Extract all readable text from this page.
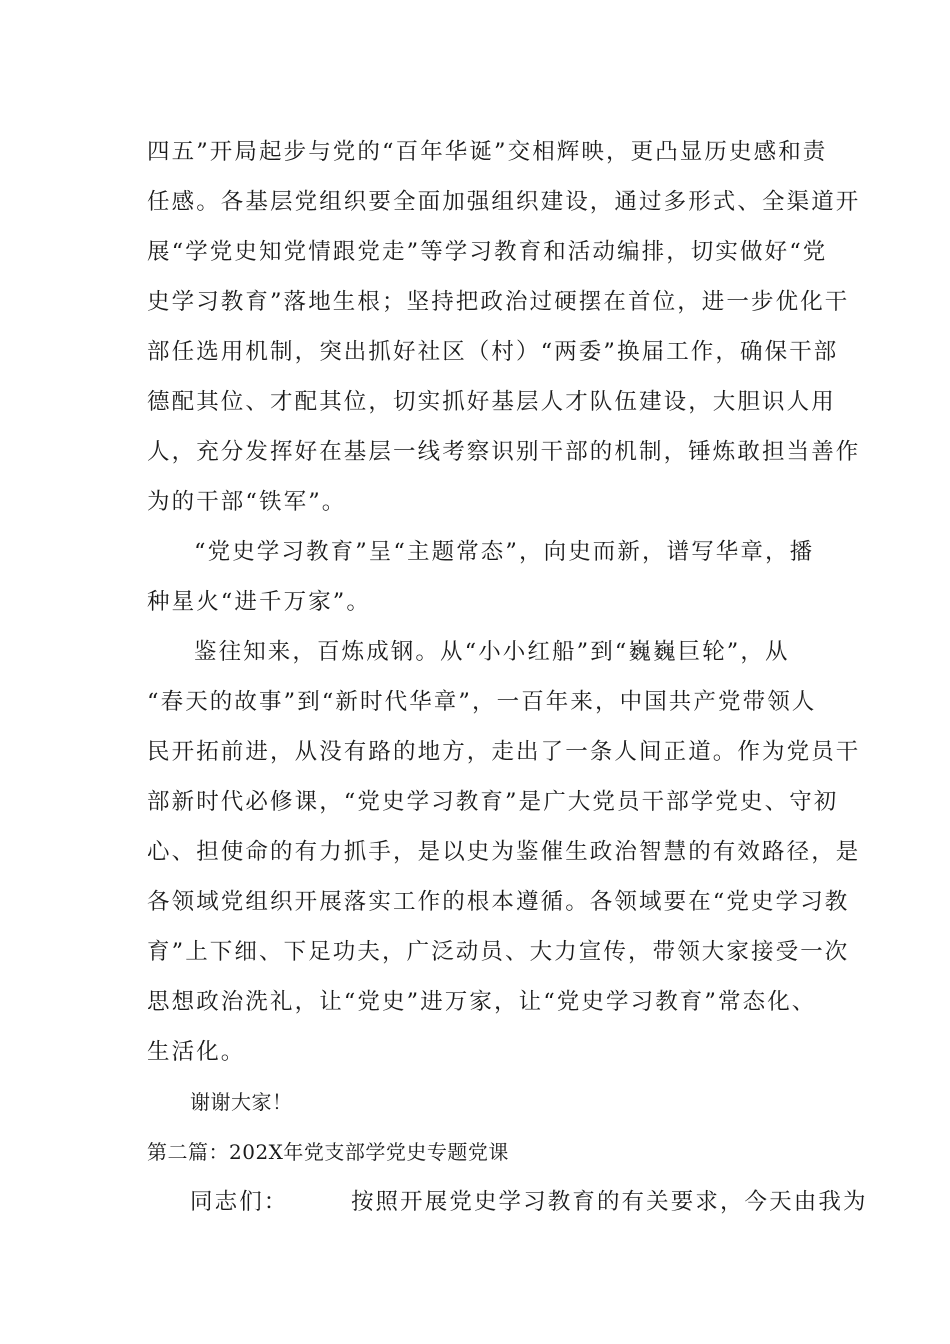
四五”开局起步与党的“百年华诞”交相辉映，更凸显历史感和责
任感。各基层党组织要全面加强组织建设，通过多形式、全渠道开
展“学党史知党情跟党走”等学习教育和活动编排，切实做好“党
史学习教育”落地生根；坚持把政治过硬摆在首位，进一步优化干
部任选用机制，突出抓好社区（村）“两委”换届工作，确保干部
德配其位、才配其位，切实抓好基层人才队伍建设，大胆识人用
人，充分发挥好在基层一线考察识别干部的机制，锤炼敢担当善作
为的干部“铁军”。
“党史学习教育”呈“主题常态”，向史而新，谱写华章，播
种星火“进千万家”。
鉴往知来，百炼成钢。从“小小红船”到“巍巍巨轮”，从
“春天的故事”到“新时代华章”，一百年来，中国共产党带领人
民开拓前进，从没有路的地方，走出了一条人间正道。作为党员干
部新时代必修课，“党史学习教育”是广大党员干部学党史、守初
心、担使命的有力抓手，是以史为鉴催生政治智慧的有效路径，是
各领域党组织开展落实工作的根本遵循。各领域要在“党史学习教
育”上下细、下足功夫，广泛动员、大力宣传，带领大家接受一次
思想政治洗礼，让“党史”进万家，让“党史学习教育”常态化、
生活化。
谢谢大家！
第二篇：202X年党支部学党史专题党课
同志们：　　　按照开展党史学习教育的有关要求，今天由我为
